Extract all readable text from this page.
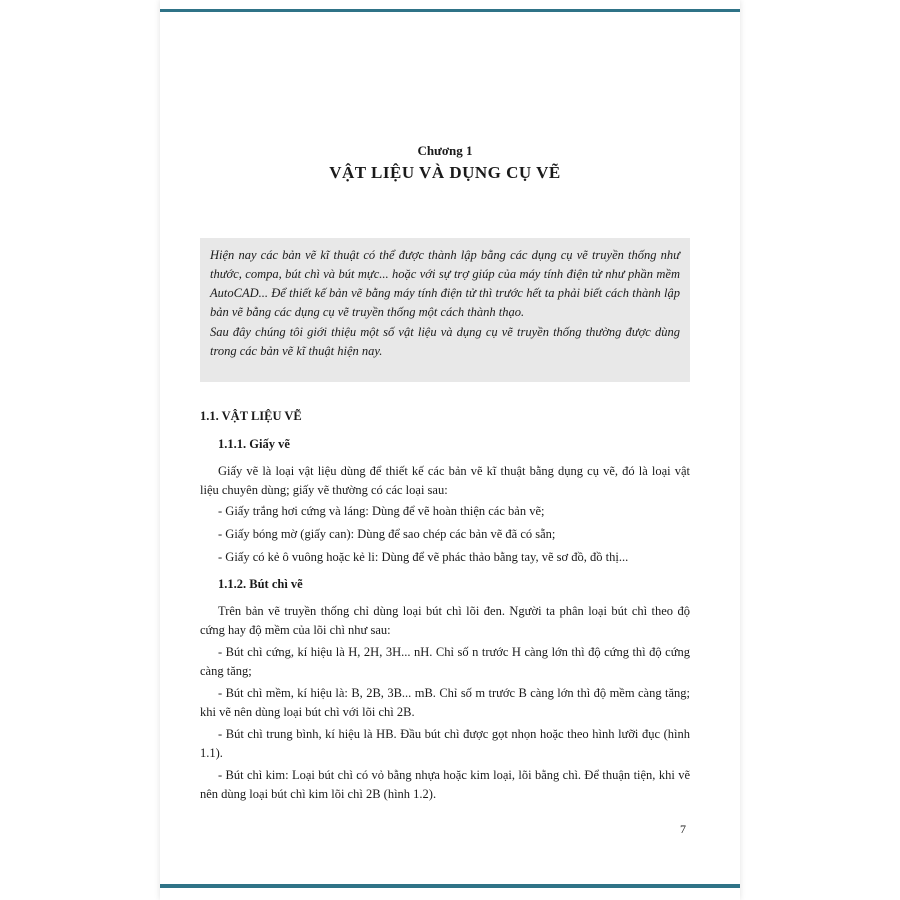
Chương 1
VẬT LIỆU VÀ DỤNG CỤ VẼ

Hiện nay các bản vẽ kĩ thuật có thể được thành lập bằng các dụng cụ vẽ truyền thống như thước, compa, bút chì và bút mực... hoặc với sự trợ giúp của máy tính điện tử như phần mềm AutoCAD... Để thiết kế bản vẽ bằng máy tính điện tử thì trước hết ta phải biết cách thành lập bản vẽ bằng các dụng cụ vẽ truyền thống một cách thành thạo.

Sau đây chúng tôi giới thiệu một số vật liệu và dụng cụ vẽ truyền thống thường được dùng trong các bản vẽ kĩ thuật hiện nay.

1.1. VẬT LIỆU VẼ
1.1.1. Giấy vẽ
Giấy vẽ là loại vật liệu dùng để thiết kế các bản vẽ kĩ thuật bằng dụng cụ vẽ, đó là loại vật liệu chuyên dùng; giấy vẽ thường có các loại sau:
- Giấy trắng hơi cứng và láng: Dùng để vẽ hoàn thiện các bản vẽ;
- Giấy bóng mờ (giấy can): Dùng để sao chép các bản vẽ đã có sẵn;
- Giấy có kẻ ô vuông hoặc kẻ li: Dùng để vẽ phác thảo bằng tay, vẽ sơ đồ, đồ thị...
1.1.2. Bút chì vẽ
Trên bản vẽ truyền thống chỉ dùng loại bút chì lõi đen. Người ta phân loại bút chì theo độ cứng hay độ mềm của lõi chì như sau:
- Bút chì cứng, kí hiệu là H, 2H, 3H... nH. Chỉ số n trước H càng lớn thì độ cứng thì độ cứng càng tăng;
- Bút chì mềm, kí hiệu là: B, 2B, 3B... mB. Chỉ số m trước B càng lớn thì độ mềm càng tăng; khi vẽ nên dùng loại bút chì với lõi chì 2B.
- Bút chì trung bình, kí hiệu là HB. Đầu bút chì được gọt nhọn hoặc theo hình lưỡi đục (hình 1.1).
- Bút chì kim: Loại bút chì có vỏ bằng nhựa hoặc kim loại, lõi bằng chì. Để thuận tiện, khi vẽ nên dùng loại bút chì kim lõi chì 2B (hình 1.2).
7
